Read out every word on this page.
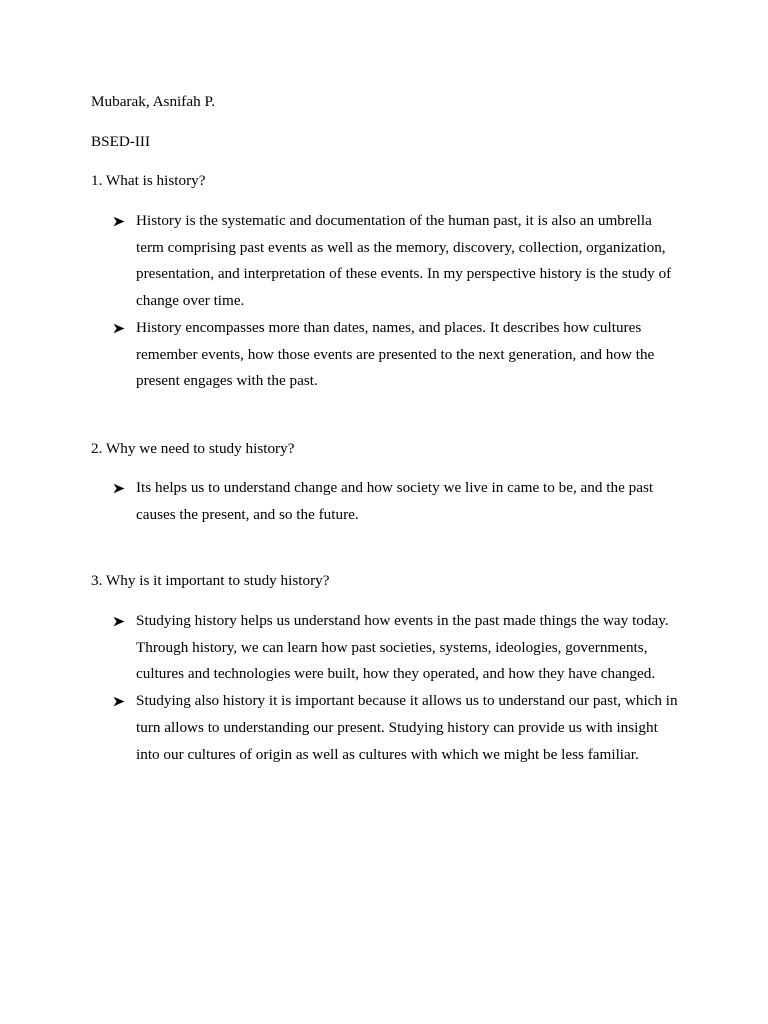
Mubarak, Asnifah P.
BSED-III
1. What is history?
History is the systematic and documentation of the human past, it is also an umbrella
term comprising past events as well as the memory, discovery, collection, organization,
presentation, and interpretation of these events. In my perspective history is the study of
change over time.
History encompasses more than dates, names, and places. It describes how cultures
remember events, how those events are presented to the next generation, and how the
present engages with the past.
2. Why we need to study history?
Its helps us to understand change and how society we live in came to be, and the past
causes the present, and so the future.
3. Why is it important to study history?
Studying history helps us understand how events in the past made things the way today.
Through history, we can learn how past societies, systems, ideologies, governments,
cultures and technologies were built, how they operated, and how they have changed.
Studying also history it is important because it allows us to understand our past, which in
turn allows to understanding our present. Studying history can provide us with insight
into our cultures of origin as well as cultures with which we might be less familiar.
